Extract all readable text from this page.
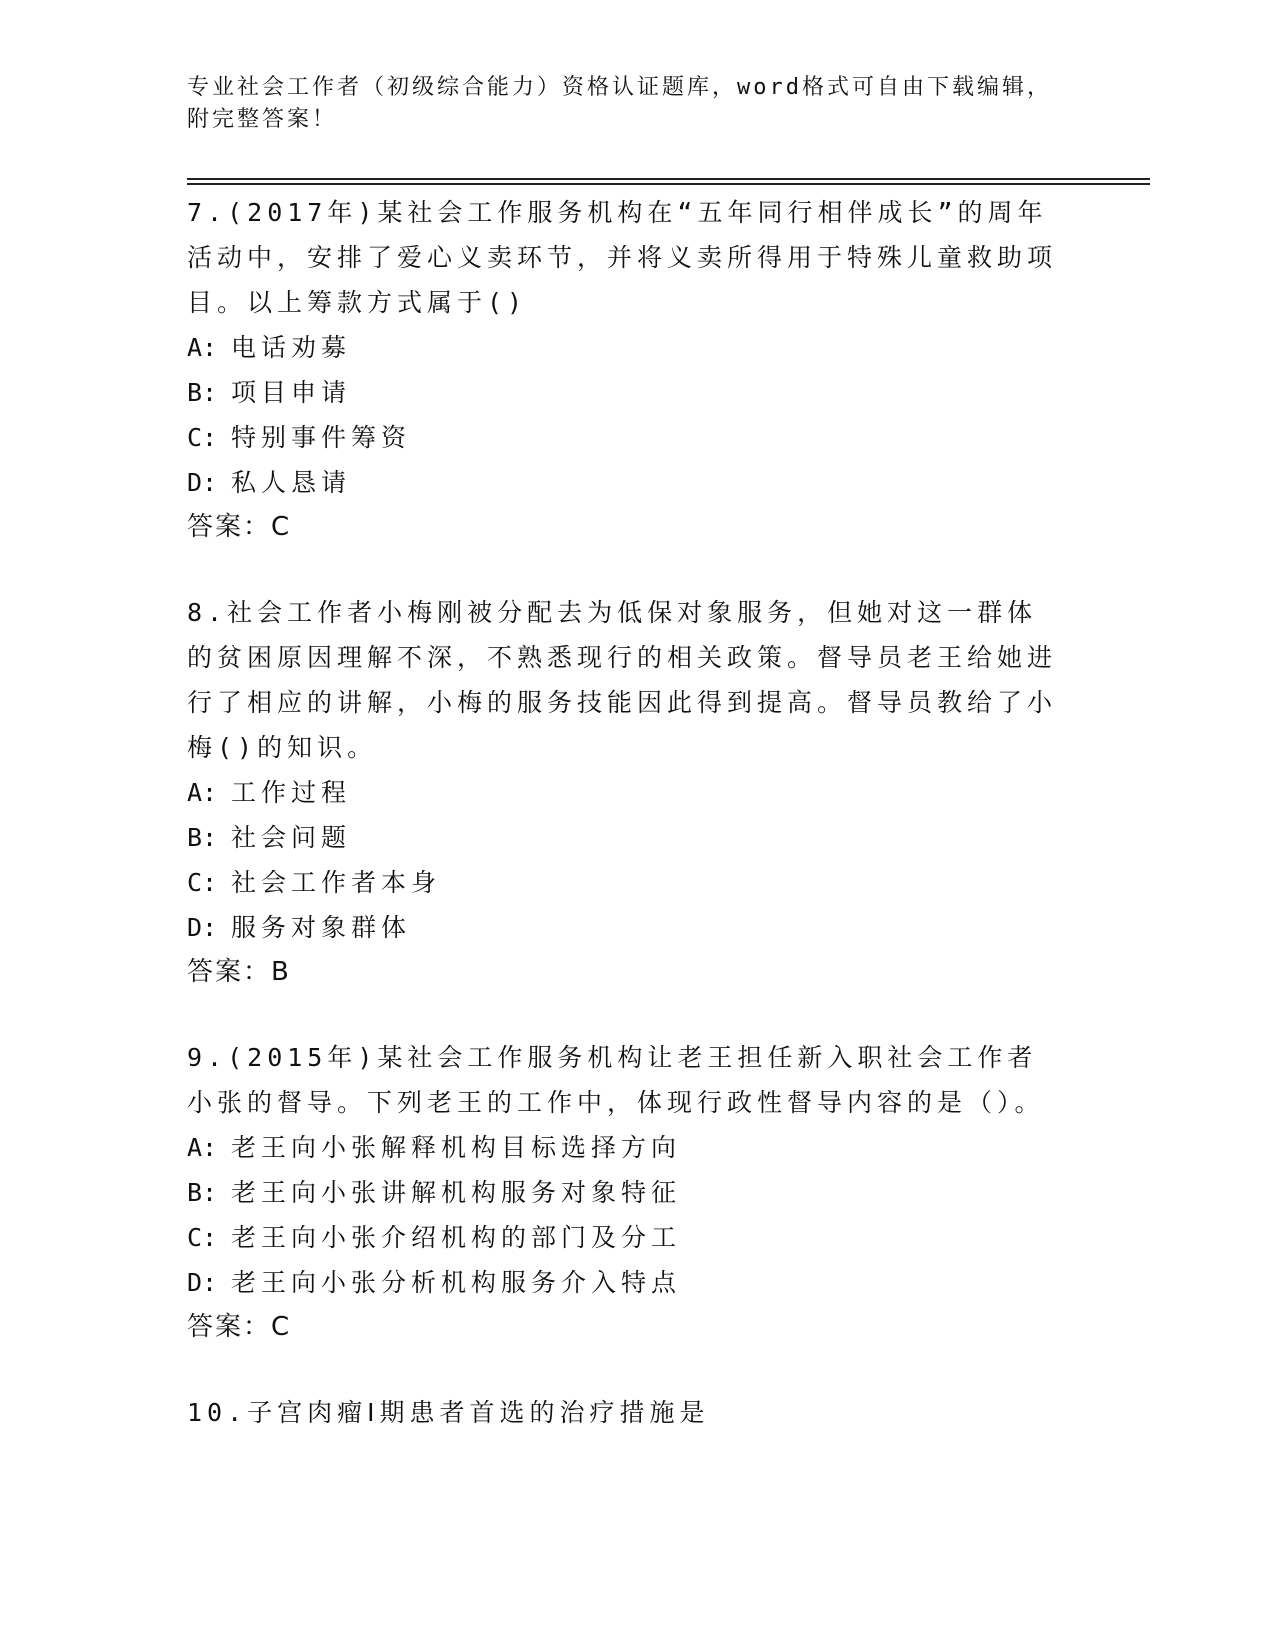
专业社会工作者（初级综合能力）资格认证题库，word格式可自由下载编辑，附完整答案！

7.(2017年)某社会工作服务机构在“五年同行相伴成长”的周年活动中，安排了爱心义卖环节，并将义卖所得用于特殊儿童救助项目。以上筹款方式属于()

A: 电话劝募

B: 项目申请

C: 特别事件筹资

D: 私人恳请

答案：C

8.社会工作者小梅刚被分配去为低保对象服务，但她对这一群体的贫困原因理解不深，不熟悉现行的相关政策。督导员老王给她进行了相应的讲解，小梅的服务技能因此得到提高。督导员教给了小梅()的知识。

A: 工作过程

B: 社会问题

C: 社会工作者本身

D: 服务对象群体

答案：B

9.(2015年)某社会工作服务机构让老王担任新入职社会工作者小张的督导。下列老王的工作中，体现行政性督导内容的是（）。

A: 老王向小张解释机构目标选择方向

B: 老王向小张讲解机构服务对象特征

C: 老王向小张介绍机构的部门及分工

D: 老王向小张分析机构服务介入特点

答案：C

10.子宫肉瘤Ⅰ期患者首选的治疗措施是
